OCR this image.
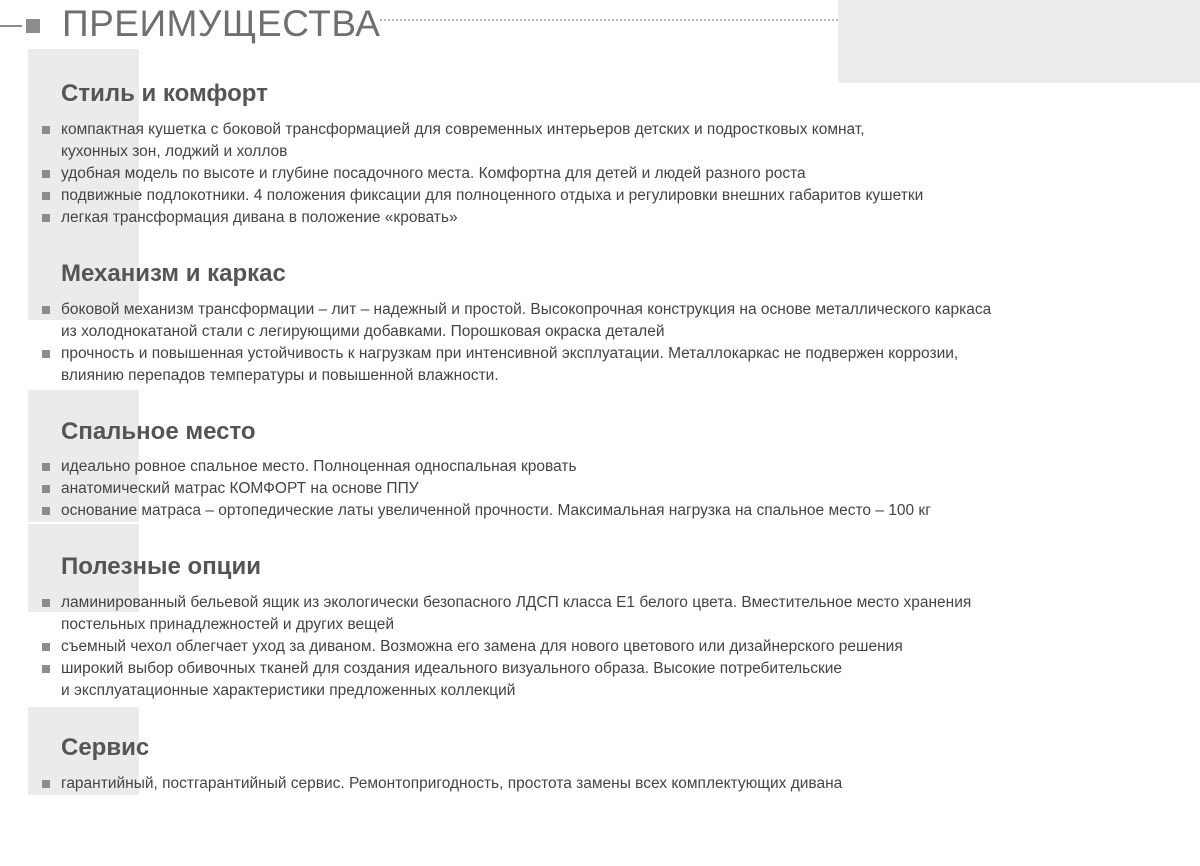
ПРЕИМУЩЕСТВА
Стиль и комфорт
компактная кушетка с боковой трансформацией для современных интерьеров детских и подростковых комнат,
кухонных зон, лоджий и холлов
удобная модель по высоте и глубине посадочного места. Комфортна для детей и людей разного роста
подвижные подлокотники. 4 положения фиксации для полноценного отдыха и регулировки внешних габаритов кушетки
легкая трансформация дивана в положение «кровать»
Механизм и каркас
боковой механизм трансформации – лит – надежный и простой. Высокопрочная конструкция на основе металлического каркаса
из холоднокатаной стали с легирующими добавками. Порошковая окраска деталей
прочность и повышенная устойчивость к нагрузкам при интенсивной эксплуатации. Металлокаркас не подвержен коррозии,
влиянию перепадов температуры и повышенной влажности.
Спальное место
идеально ровное спальное место. Полноценная односпальная кровать
анатомический матрас КОМФОРТ на основе ППУ
основание матраса – ортопедические латы увеличенной прочности. Максимальная нагрузка на спальное место – 100 кг
Полезные опции
ламинированный бельевой ящик из экологически безопасного ЛДСП класса Е1 белого цвета. Вместительное место хранения
постельных принадлежностей и других вещей
съемный чехол облегчает уход за диваном. Возможна его замена для нового цветового или дизайнерского решения
широкий выбор обивочных тканей для создания идеального визуального образа. Высокие потребительские
и эксплуатационные характеристики предложенных коллекций
Сервис
гарантийный, постгарантийный сервис. Ремонтопригодность, простота замены всех комплектующих дивана
